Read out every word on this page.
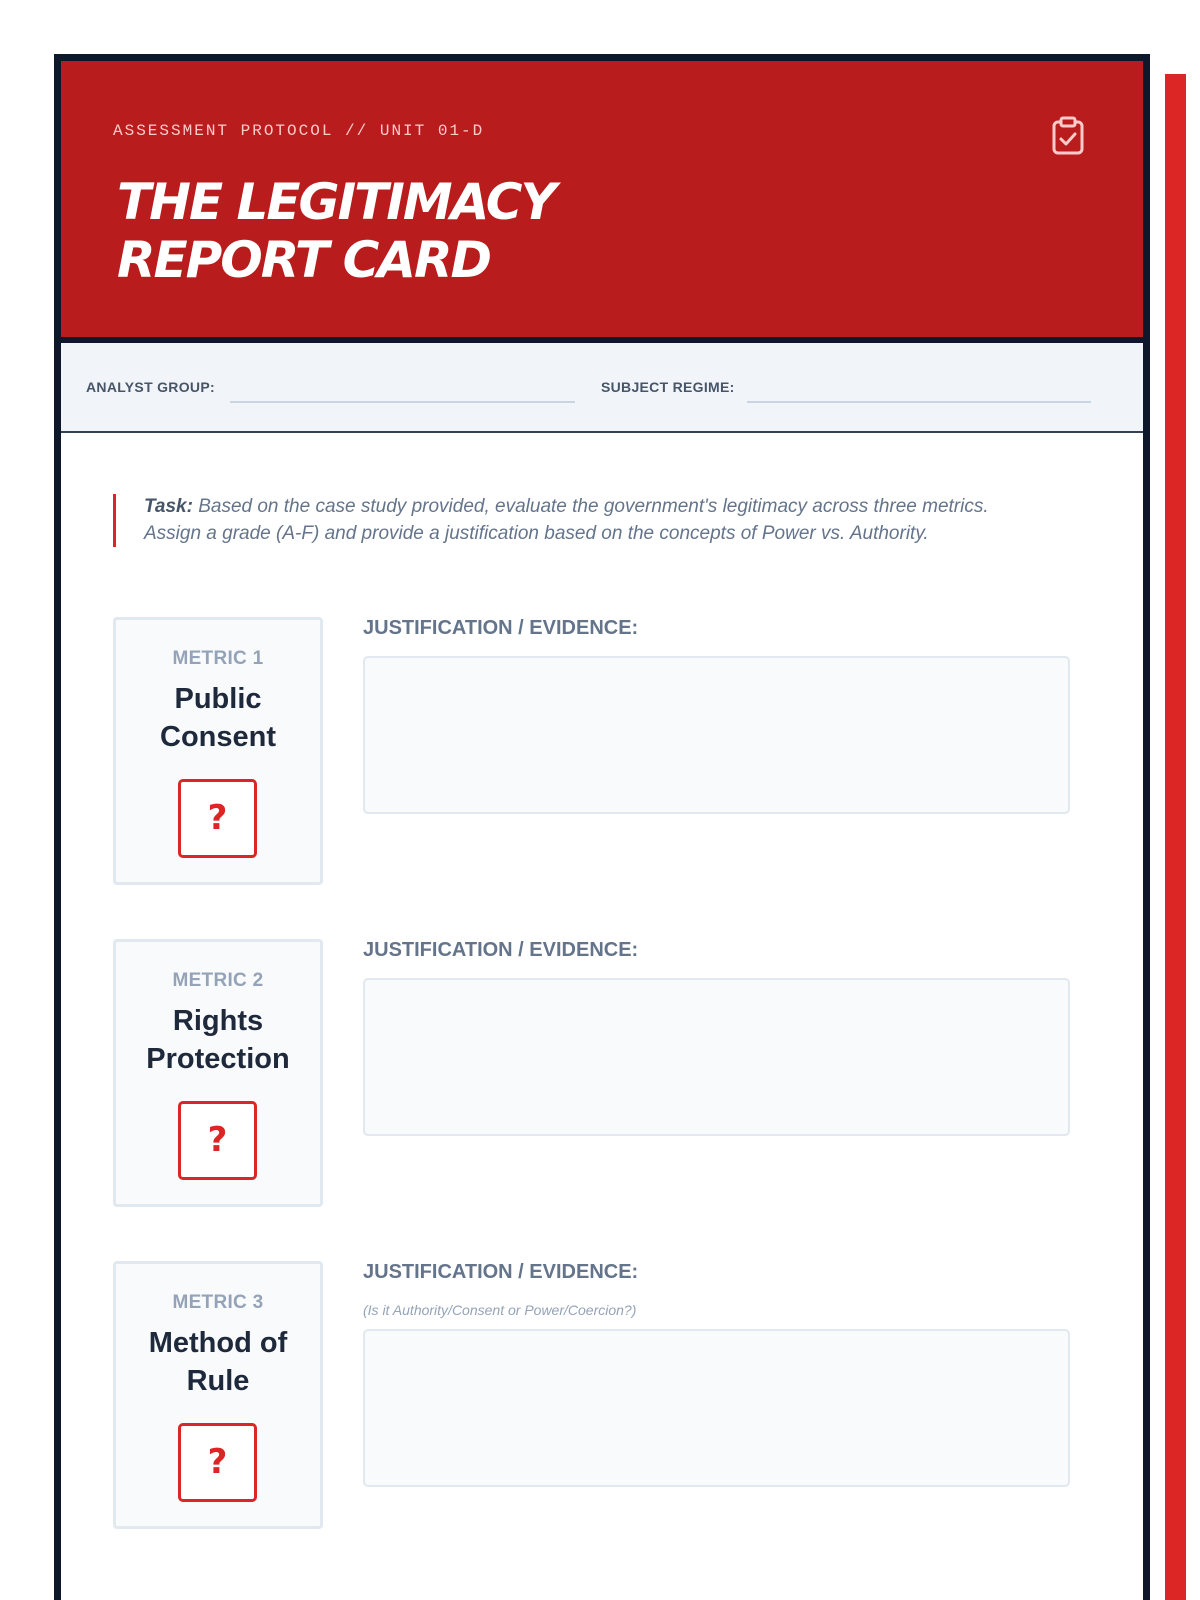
ASSESSMENT PROTOCOL // UNIT 01-D
THE LEGITIMACY
REPORT CARD
ANALYST GROUP:	SUBJECT REGIME:
Task: Based on the case study provided, evaluate the government's legitimacy across three metrics. Assign a grade (A-F) and provide a justification based on the concepts of Power vs. Authority.
METRIC 1
Public
Consent
?
JUSTIFICATION / EVIDENCE:
METRIC 2
Rights
Protection
?
JUSTIFICATION / EVIDENCE:
METRIC 3
Method of
Rule
?
JUSTIFICATION / EVIDENCE:
(Is it Authority/Consent or Power/Coercion?)
